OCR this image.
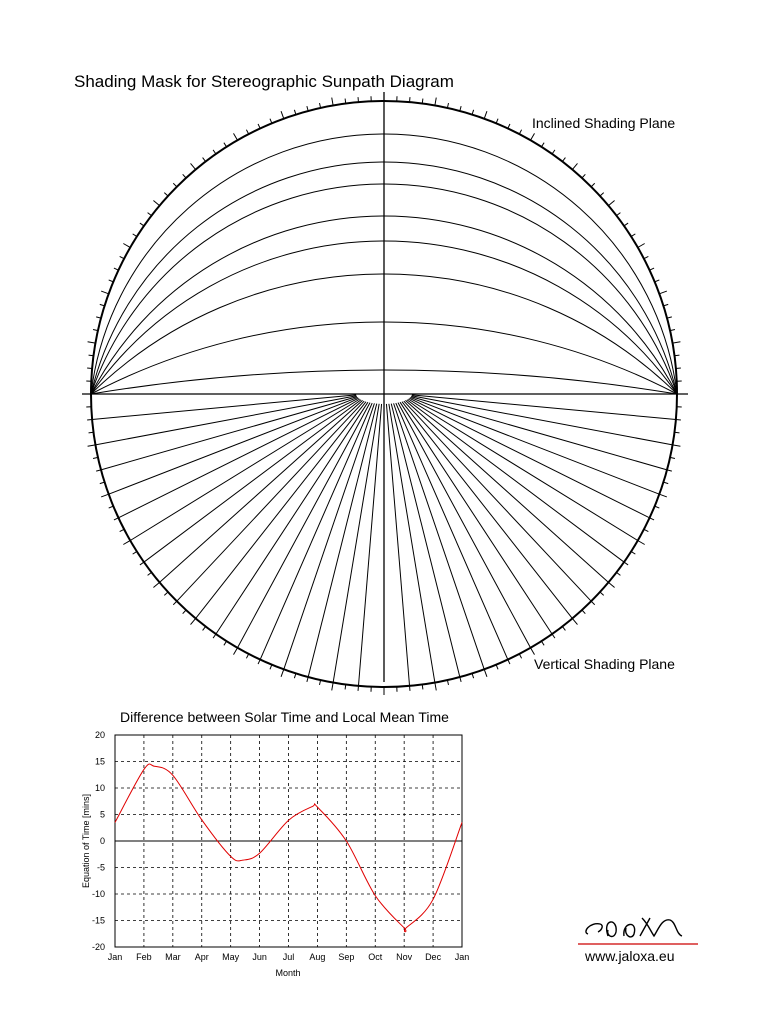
Shading Mask for Stereographic Sunpath Diagram
Inclined Shading Plane
Vertical Shading Plane
Difference between Solar Time and Local Mean Time
20
15
10
5
0
-5
-10
-15
-20
Jan Feb Mar Apr May Jun Jul Aug Sep Oct Nov Dec Jan
Month
Equation of Time [mins]
www.jaloxa.eu
